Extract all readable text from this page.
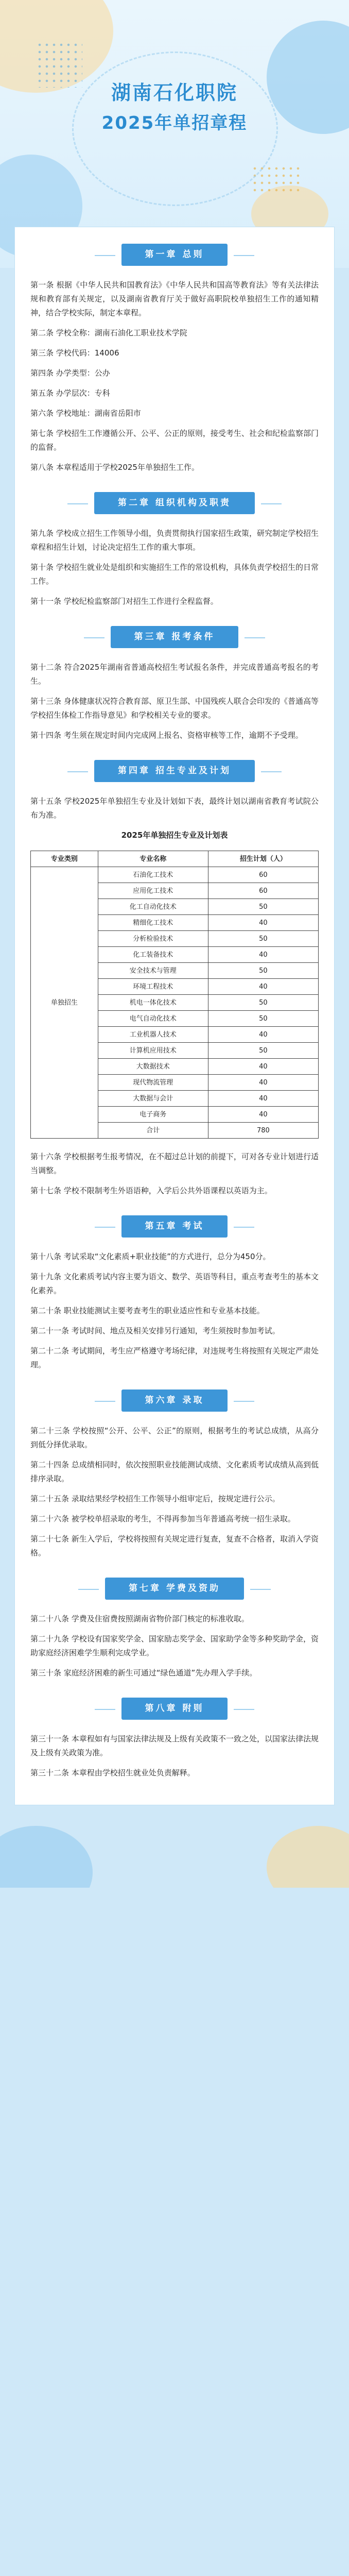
湖南石化职院
2025年单招章程
第一章 总则

第一条 根据《中华人民共和国教育法》《中华人民共和国高等教育法》等有关法律法规和教育部有关规定，以及湖南省教育厅关于做好高职院校单独招生工作的通知精神，结合学校实际，制定本章程。

第二条 学校全称：湖南石油化工职业技术学院

第三条 学校代码：14006

第四条 办学类型：公办

第五条 办学层次：专科

第六条 学校地址：湖南省岳阳市

第七条 学校招生工作遵循公开、公平、公正的原则，接受考生、社会和纪检监察部门的监督。

第八条 本章程适用于学校2025年单独招生工作。

第二章 组织机构及职责

第九条 学校成立招生工作领导小组，负责贯彻执行国家招生政策，研究制定学校招生章程和招生计划，讨论决定招生工作的重大事项。

第十条 学校招生就业处是组织和实施招生工作的常设机构，具体负责学校招生的日常工作。

第十一条 学校纪检监察部门对招生工作进行全程监督。

第三章 报考条件

第十二条 符合2025年湖南省普通高校招生考试报名条件，并完成普通高考报名的考生。

第十三条 身体健康状况符合教育部、原卫生部、中国残疾人联合会印发的《普通高等学校招生体检工作指导意见》和学校相关专业的要求。

第十四条 考生须在规定时间内完成网上报名、资格审核等工作，逾期不予受理。

第四章 招生专业及计划

第十五条 学校2025年单独招生专业及计划如下表，最终计划以湖南省教育考试院公布为准。

2025年单独招生专业及计划表
专业类别	专业名称	招生计划（人）
单独招生	石油化工技术	60
	应用化工技术	60
	化工自动化技术	50
	精细化工技术	40
	分析检验技术	50
	化工装备技术	40
	安全技术与管理	50
	环境工程技术	40
	机电一体化技术	50
	电气自动化技术	50
	工业机器人技术	40
	计算机应用技术	50
	大数据技术	40
	现代物流管理	40
	大数据与会计	40
	电子商务	40
	合计	780

第十六条 学校根据考生报考情况，在不超过总计划的前提下，可对各专业计划进行适当调整。

第十七条 学校不限制考生外语语种，入学后公共外语课程以英语为主。

第五章 考试

第十八条 考试采取“文化素质+职业技能”的方式进行，总分为450分。

第十九条 文化素质考试内容主要为语文、数学、英语等科目，重点考查考生的基本文化素养。

第二十条 职业技能测试主要考查考生的职业适应性和专业基本技能。

第二十一条 考试时间、地点及相关安排另行通知，考生须按时参加考试。

第二十二条 考试期间，考生应严格遵守考场纪律，对违规考生将按照有关规定严肃处理。

第六章 录取

第二十三条 学校按照“公开、公平、公正”的原则，根据考生的考试总成绩，从高分到低分择优录取。

第二十四条 总成绩相同时，依次按照职业技能测试成绩、文化素质考试成绩从高到低排序录取。

第二十五条 录取结果经学校招生工作领导小组审定后，按规定进行公示。

第二十六条 被学校单招录取的考生，不得再参加当年普通高考统一招生录取。

第二十七条 新生入学后，学校将按照有关规定进行复查，复查不合格者，取消入学资格。

第七章 学费及资助

第二十八条 学费及住宿费按照湖南省物价部门核定的标准收取。

第二十九条 学校设有国家奖学金、国家励志奖学金、国家助学金等多种奖助学金，资助家庭经济困难学生顺利完成学业。

第三十条 家庭经济困难的新生可通过“绿色通道”先办理入学手续。

第八章 附则

第三十一条 本章程如有与国家法律法规及上级有关政策不一致之处，以国家法律法规及上级有关政策为准。

第三十二条 本章程由学校招生就业处负责解释。
